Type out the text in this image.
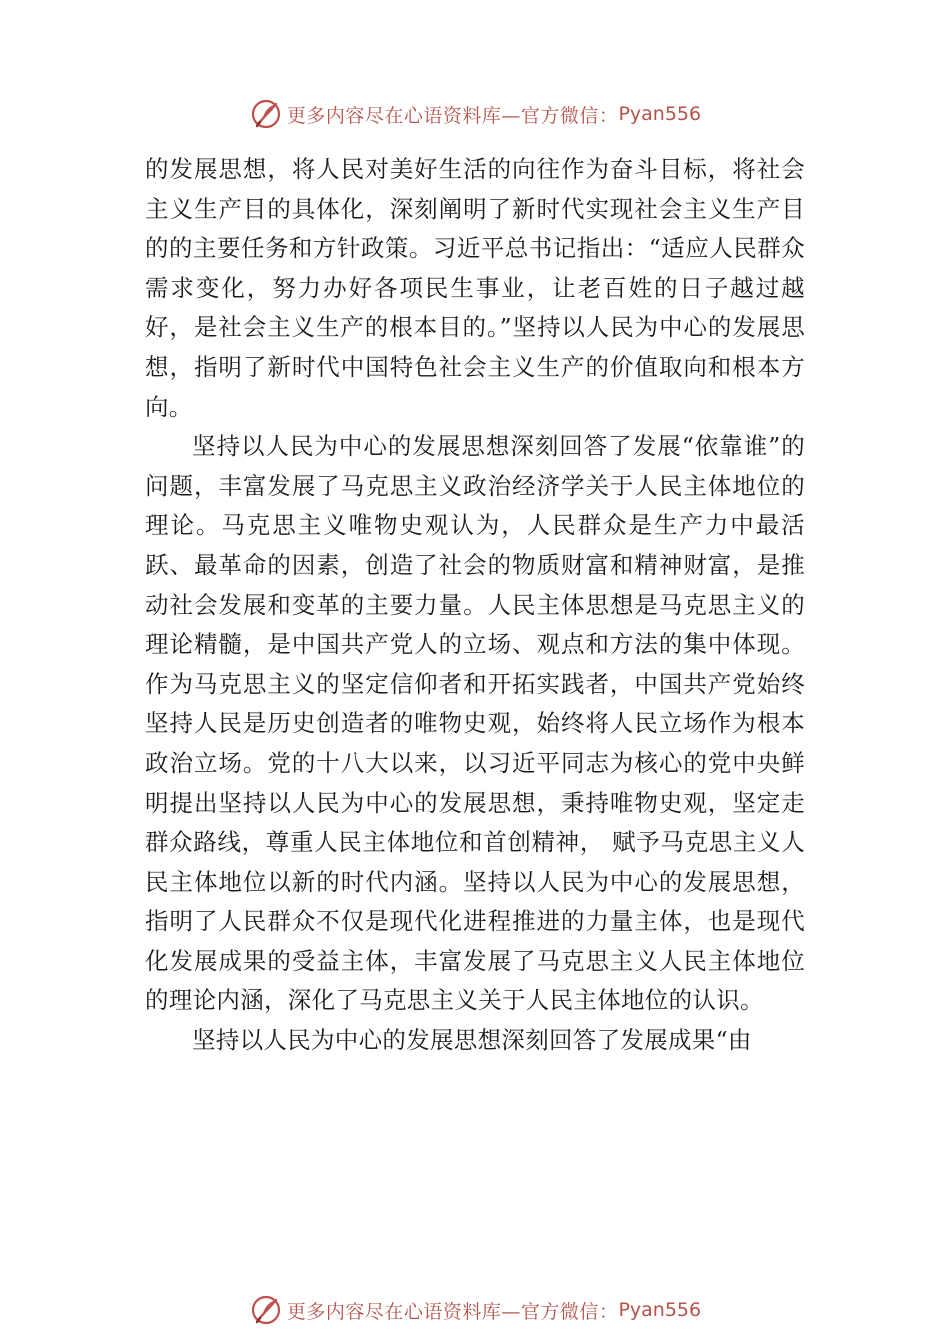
更多内容尽在心语资料库— 官方微信： Pyan556

的发展思想，将人民对美好生活的向往作为奋斗目标，将社会主义生产目的具体化，深刻阐明了新时代实现社会主义生产目的的主要任务和方针政策。习近平总书记指出：“适应人民群众需求变化，努力办好各项民生事业，让老百姓的日子越过越好，是社会主义生产的根本目的。”坚持以人民为中心的发展思想，指明了新时代中国特色社会主义生产的价值取向和根本方向。

坚持以人民为中心的发展思想深刻回答了发展“依靠谁”的问题，丰富发展了马克思主义政治经济学关于人民主体地位的理论。马克思主义唯物史观认为，人民群众是生产力中最活跃、最革命的因素，创造了社会的物质财富和精神财富，是推动社会发展和变革的主要力量。人民主体思想是马克思主义的理论精髓，是中国共产党人的立场、观点和方法的集中体现。作为马克思主义的坚定信仰者和开拓实践者，中国共产党始终坚持人民是历史创造者的唯物史观，始终将人民立场作为根本政治立场。党的十八大以来，以习近平同志为核心的党中央鲜明提出坚持以人民为中心的发展思想，秉持唯物史观，坚定走群众路线，尊重人民主体地位和首创精神， 赋予马克思主义人民主体地位以新的时代内涵。坚持以人民为中心的发展思想，指明了人民群众不仅是现代化进程推进的力量主体，也是现代化发展成果的受益主体，丰富发展了马克思主义人民主体地位的理论内涵，深化了马克思主义关于人民主体地位的认识。

坚持以人民为中心的发展思想深刻回答了发展成果“由

更多内容尽在心语资料库— 官方微信： Pyan556
